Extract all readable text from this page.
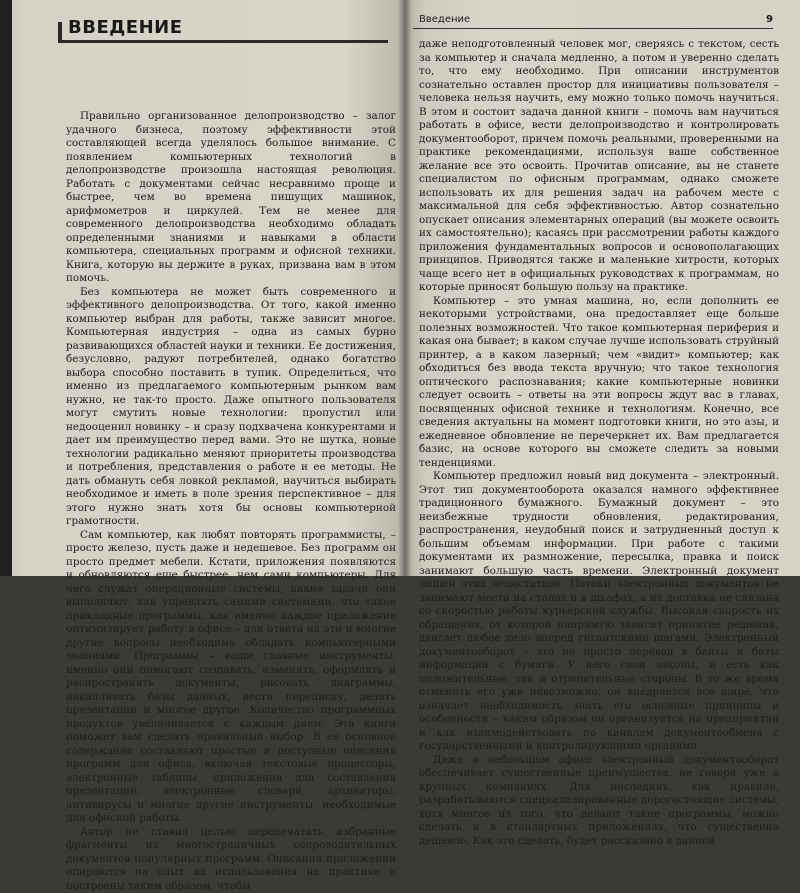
ВВЕДЕНИЕ

Правильно организованное делопроизводство – залог удачного бизнеса, поэтому эффективности этой составляющей всегда уделялось большое внимание. С появлением компьютерных технологий в делопроизводстве произошла настоящая революция. Работать с документами сейчас несравнимо проще и быстрее, чем во времена пишущих машинок, арифмометров и циркулей. Тем не менее для современного делопроизводства необходимо обладать определенными знаниями и навыками в области компьютера, специальных программ и офисной техники. Книга, которую вы держите в руках, призвана вам в этом помочь.

Без компьютера не может быть современного и эффективного делопроизводства. От того, какой именно компьютер выбран для работы, также зависит многое. Компьютерная индустрия – одна из самых бурно развивающихся областей науки и техники. Ее достижения, безусловно, радуют потребителей, однако богатство выбора способно поставить в тупик. Определиться, что именно из предлагаемого компьютерным рынком вам нужно, не так-то просто. Даже опытного пользователя могут смутить новые технологии: пропустил или недооценил новинку – и сразу подхвачена конкурентами и дает им преимущество перед вами. Это не шутка, новые технологии радикально меняют приоритеты производства и потребления, представления о работе и ее методы. Не дать обмануть себя ловкой рекламой, научиться выбирать необходимое и иметь в поле зрения перспективное – для этого нужно знать хотя бы основы компьютерной грамотности.

Сам компьютер, как любят повторять программисты, – просто железо, пусть даже и недешевое. Без программ он просто предмет мебели. Кстати, приложения появляются и обновляются еще быстрее, чем сами компьютеры. Для чего служат операционные системы, какие задачи они выполняют, как управлять самими системами, что такое прикладные программы, как именно каждое приложение оптимизирует работу в офисе – для ответа на эти и многие другие вопросы необходимо обладать компьютерными знаниями. Программы – ваши главные инструменты, именно они помогают создавать, изменять, оформлять и распространять документы, рисовать диаграммы, накапливать базы данных, вести переписку, делать презентации и многое другое. Количество программных продуктов увеличивается с каждым днем. Эта книга поможет вам сделать правильный выбор. В ее основное содержание составляют простые и доступные описания программ для офиса, включая текстовые процессоры, электронные таблицы, приложения для составления презентаций, электронные словари, архиваторы, антивирусы и многие другие инструменты, необходимые для офисной работы.

Автор не ставил целью перепечатать избранные фрагменты из многостраничных сопроводительных документов популярных программ. Описания приложений опираются на опыт их использования на практике и построены таким образом, чтобы

Введение	9

даже неподготовленный человек мог, сверяясь с текстом, сесть за компьютер и сначала медленно, а потом и уверенно сделать то, что ему необходимо. При описании инструментов сознательно оставлен простор для инициативы пользователя – человека нельзя научить, ему можно только помочь научиться. В этом и состоит задача данной книги – помочь вам научиться работать в офисе, вести делопроизводство и контролировать документооборот, причем помочь реальными, проверенными на практике рекомендациями, используя ваше собственное желание все это освоить. Прочитав описание, вы не станете специалистом по офисным программам, однако сможете использовать их для решения задач на рабочем месте с максимальной для себя эффективностью. Автор сознательно опускает описания элементарных операций (вы можете освоить их самостоятельно); касаясь при рассмотрении работы каждого приложения фундаментальных вопросов и основополагающих принципов. Приводятся также и маленькие хитрости, которых чаще всего нет в официальных руководствах к программам, но которые приносят большую пользу на практике.

Компьютер – это умная машина, но, если дополнить ее некоторыми устройствами, она предоставляет еще больше полезных возможностей. Что такое компьютерная периферия и какая она бывает; в каком случае лучше использовать струйный принтер, а в каком лазерный; чем «видит» компьютер; как обходиться без ввода текста вручную; что такое технология оптического распознавания; какие компьютерные новинки следует освоить – ответы на эти вопросы ждут вас в главах, посвященных офисной технике и технологиям. Конечно, все сведения актуальны на момент подготовки книги, но это азы, и ежедневное обновление не перечеркнет их. Вам предлагается базис, на основе которого вы сможете следить за новыми тенденциями.

Компьютер предложил новый вид документа – электронный. Этот тип документооборота оказался намного эффективнее традиционного бумажного. Бумажный документ – это неизбежные трудности обновления, редактирования, распространения, неудобный поиск и затрудненный доступ к большим объемам информации. При работе с такими документами их размножение, пересылка, правка и поиск занимают большую часть времени. Электронный документ лишен этих недостатков. Потоки электронных документов не занимают места на столах и в шкафах, а их доставка не связана со скоростью работы курьерской службы. Высокая скорость их обращения, от которой напрямую зависит принятие решения, двигает любое дело вперед гигантскими шагами. Электронный документооборот – это не просто перевод в байты и биты информации с бумаги. У него свои законы, и есть как положительные, так и отрицательные стороны. В то же время отменить его уже невозможно, он внедряется все шире, что означает необходимость знать его основные принципы и особенности – каким образом он организуется на предприятии и как взаимодействовать по каналам документообмена с государственными и контролирующими органами.

Даже в небольшом офисе электронный документооборот обеспечивает существенные преимущества, не говоря уже о крупных компаниях. Для последних, как правило, разрабатываются специализированные дорогостоящие системы, хотя многое из того, что делают такие программы, можно сделать и в стандартных приложениях, что существенно дешевле. Как это сделать, будет рассказано в данной
